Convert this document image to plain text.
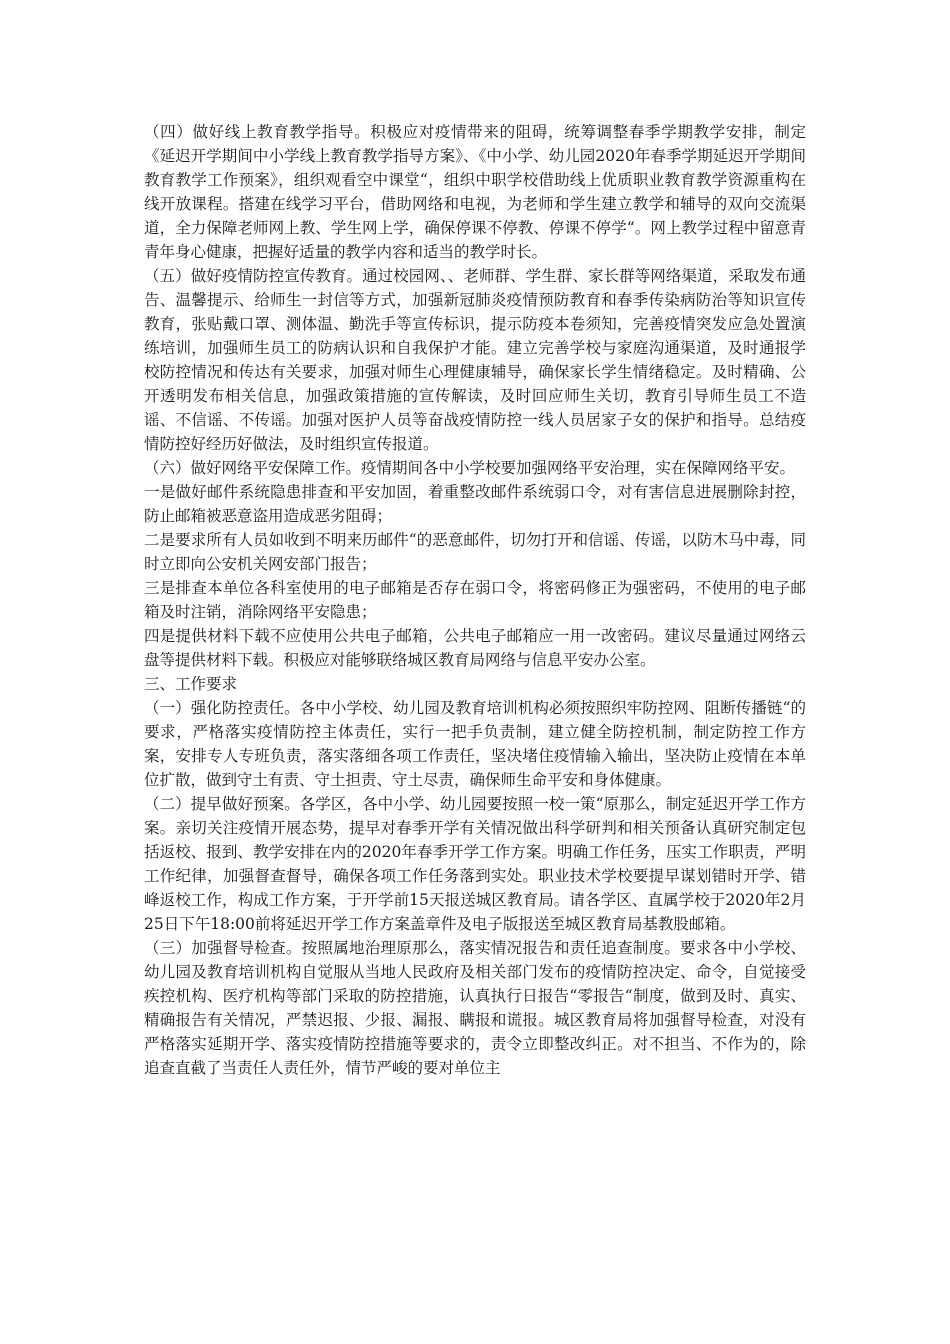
（四）做好线上教育教学指导。积极应对疫情带来的阻碍，统筹调整春季学期教学安排，制定《延迟开学期间中小学线上教育教学指导方案》、《中小学、幼儿园2020年春季学期延迟开学期间教育教学工作预案》，组织观看空中课堂“，组织中职学校借助线上优质职业教育教学资源重构在线开放课程。搭建在线学习平台，借助网络和电视，为老师和学生建立教学和辅导的双向交流渠道，全力保障老师网上教、学生网上学，确保停课不停教、停课不停学“。网上教学过程中留意青青年身心健康，把握好适量的教学内容和适当的教学时长。

（五）做好疫情防控宣传教育。通过校园网、、老师群、学生群、家长群等网络渠道，采取发布通告、温馨提示、给师生一封信等方式，加强新冠肺炎疫情预防教育和春季传染病防治等知识宣传教育，张贴戴口罩、测体温、勤洗手等宣传标识，提示防疫本卷须知，完善疫情突发应急处置演练培训，加强师生员工的防病认识和自我保护才能。建立完善学校与家庭沟通渠道，及时通报学校防控情况和传达有关要求，加强对师生心理健康辅导，确保家长学生情绪稳定。及时精确、公开透明发布相关信息，加强政策措施的宣传解读，及时回应师生关切，教育引导师生员工不造谣、不信谣、不传谣。加强对医护人员等奋战疫情防控一线人员居家子女的保护和指导。总结疫情防控好经历好做法，及时组织宣传报道。

（六）做好网络平安保障工作。疫情期间各中小学校要加强网络平安治理，实在保障网络平安。

一是做好邮件系统隐患排查和平安加固，着重整改邮件系统弱口令，对有害信息进展删除封控，防止邮箱被恶意盗用造成恶劣阻碍；

二是要求所有人员如收到不明来历邮件“的恶意邮件，切勿打开和信谣、传谣，以防木马中毒，同时立即向公安机关网安部门报告；

三是排查本单位各科室使用的电子邮箱是否存在弱口令，将密码修正为强密码，不使用的电子邮箱及时注销，消除网络平安隐患；

四是提供材料下载不应使用公共电子邮箱，公共电子邮箱应一用一改密码。建议尽量通过网络云盘等提供材料下载。积极应对能够联络城区教育局网络与信息平安办公室。

三、工作要求

（一）强化防控责任。各中小学校、幼儿园及教育培训机构必须按照织牢防控网、阻断传播链“的要求，严格落实疫情防控主体责任，实行一把手负责制，建立健全防控机制，制定防控工作方案，安排专人专班负责，落实落细各项工作责任，坚决堵住疫情输入输出，坚决防止疫情在本单位扩散，做到守土有责、守土担责、守土尽责，确保师生命平安和身体健康。

（二）提早做好预案。各学区，各中小学、幼儿园要按照一校一策“原那么，制定延迟开学工作方案。亲切关注疫情开展态势，提早对春季开学有关情况做出科学研判和相关预备认真研究制定包括返校、报到、教学安排在内的2020年春季开学工作方案。明确工作任务，压实工作职责，严明工作纪律，加强督查督导，确保各项工作任务落到实处。职业技术学校要提早谋划错时开学、错峰返校工作，构成工作方案，于开学前15天报送城区教育局。请各学区、直属学校于2020年2月25日下午18:00前将延迟开学工作方案盖章件及电子版报送至城区教育局基教股邮箱。

（三）加强督导检查。按照属地治理原那么，落实情况报告和责任追查制度。要求各中小学校、幼儿园及教育培训机构自觉服从当地人民政府及相关部门发布的疫情防控决定、命令，自觉接受疾控机构、医疗机构等部门采取的防控措施，认真执行日报告“零报告“制度，做到及时、真实、精确报告有关情况，严禁迟报、少报、漏报、瞒报和谎报。城区教育局将加强督导检查，对没有严格落实延期开学、落实疫情防控措施等要求的，责令立即整改纠正。对不担当、不作为的，除追查直截了当责任人责任外，情节严峻的要对单位主
